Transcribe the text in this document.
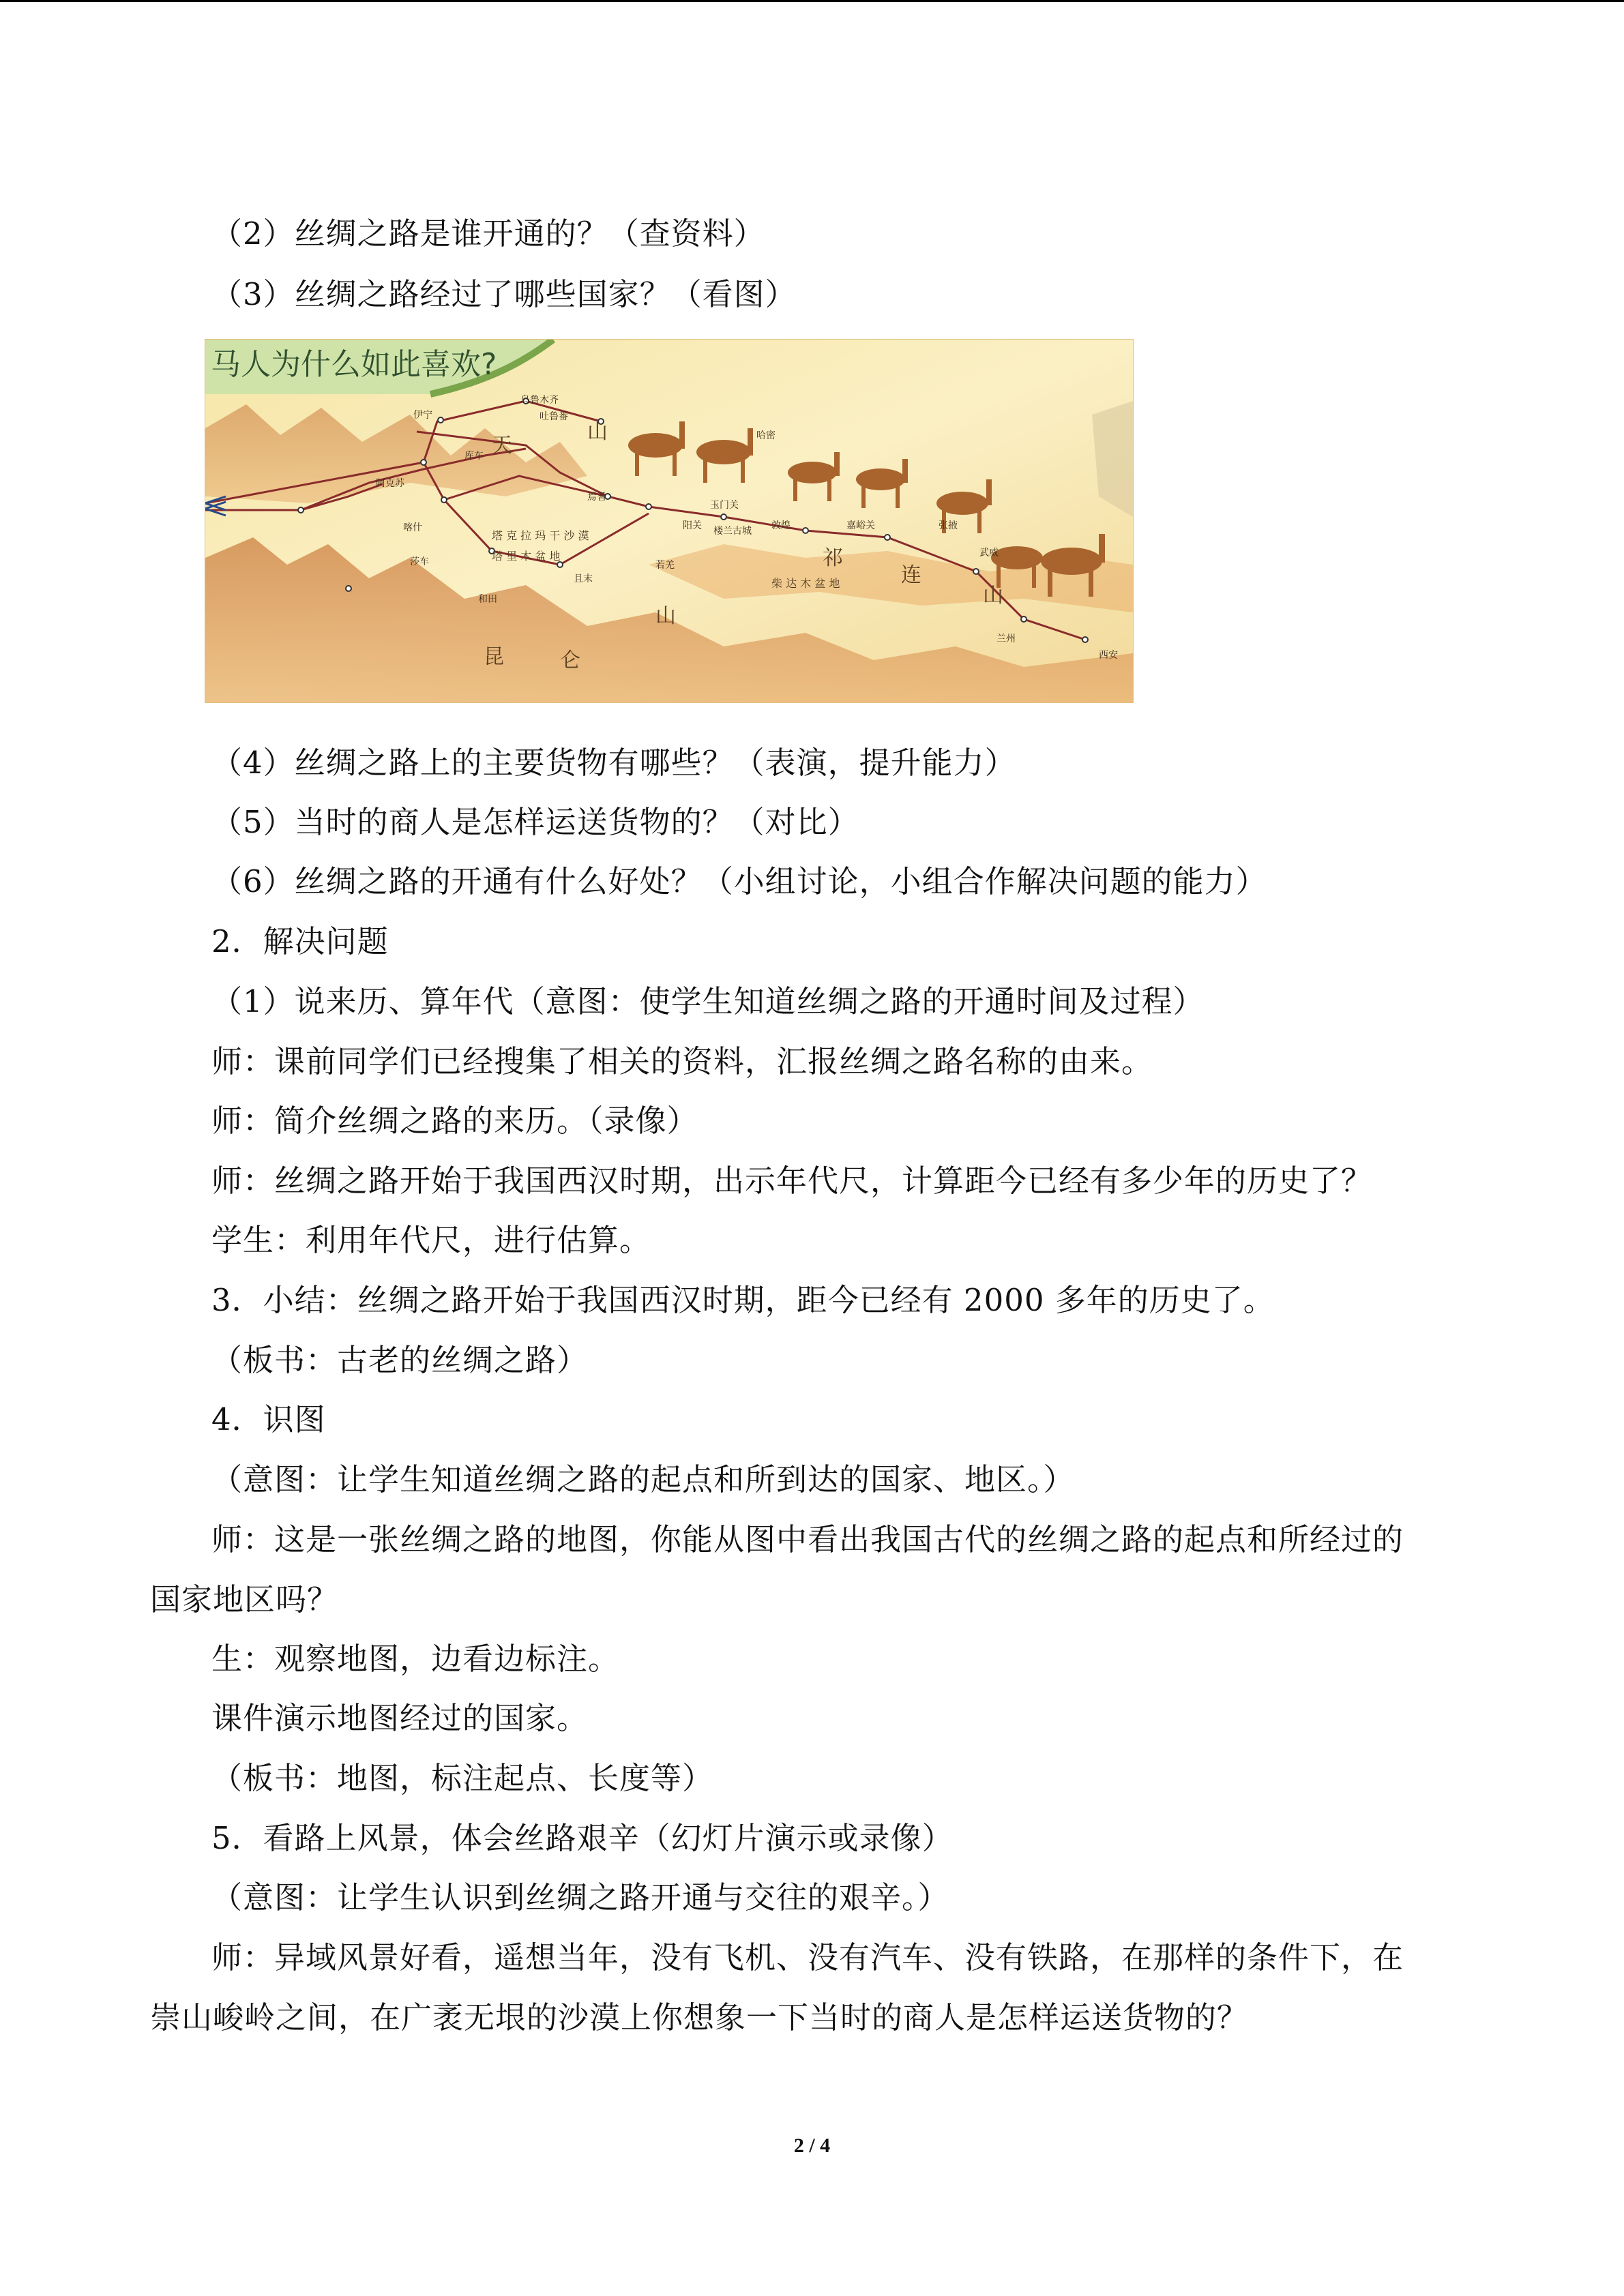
（2）丝绸之路是谁开通的？（查资料）
（3）丝绸之路经过了哪些国家？（看图）
马人为什么如此喜欢?
乌鲁木齐
吐鲁番
哈密
伊宁
库车
阿克苏
喀什
莎车
和田
且末
若羌
玉门关
阳关	敦煌	嘉峪关	张掖
武威
兰州
西安
楼兰古城
焉耆
天
山
祁
连
山
昆	仑
山
塔 克 拉 玛 干 沙 漠
塔 里 木 盆 地
柴 达 木 盆 地
（4）丝绸之路上的主要货物有哪些？（表演，提升能力）
（5）当时的商人是怎样运送货物的？（对比）
（6）丝绸之路的开通有什么好处？（小组讨论，小组合作解决问题的能力）
2．解决问题
（1）说来历、算年代（意图：使学生知道丝绸之路的开通时间及过程）
师：课前同学们已经搜集了相关的资料，汇报丝绸之路名称的由来。
师：简介丝绸之路的来历。（录像）
师：丝绸之路开始于我国西汉时期，出示年代尺，计算距今已经有多少年的历史了？
学生：利用年代尺，进行估算。
3．小结：丝绸之路开始于我国西汉时期，距今已经有 2000 多年的历史了。
（板书：古老的丝绸之路）
4．识图
（意图：让学生知道丝绸之路的起点和所到达的国家、地区。）
师：这是一张丝绸之路的地图，你能从图中看出我国古代的丝绸之路的起点和所经过的
国家地区吗？
生：观察地图，边看边标注。
课件演示地图经过的国家。
（板书：地图，标注起点、长度等）
5．看路上风景，体会丝路艰辛（幻灯片演示或录像）
（意图：让学生认识到丝绸之路开通与交往的艰辛。）
师：异域风景好看，遥想当年，没有飞机、没有汽车、没有铁路，在那样的条件下，在
崇山峻岭之间，在广袤无垠的沙漠上你想象一下当时的商人是怎样运送货物的？
2 / 4
